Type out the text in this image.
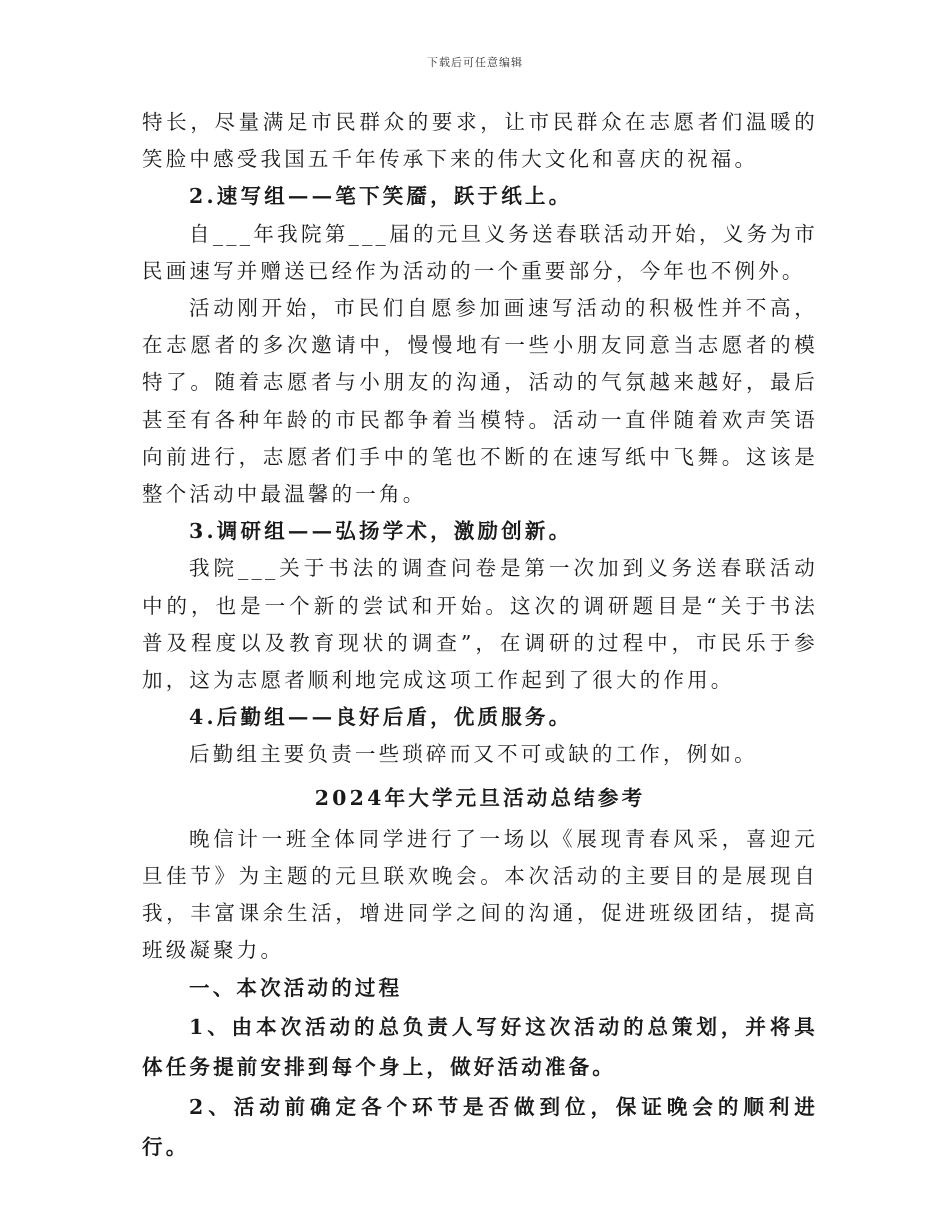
下载后可任意编辑

特长，尽量满足市民群众的要求，让市民群众在志愿者们温暖的笑脸中感受我国五千年传承下来的伟大文化和喜庆的祝福。

2.速写组——笔下笑靥，跃于纸上。

自___年我院第___届的元旦义务送春联活动开始，义务为市民画速写并赠送已经作为活动的一个重要部分，今年也不例外。

活动刚开始，市民们自愿参加画速写活动的积极性并不高，在志愿者的多次邀请中，慢慢地有一些小朋友同意当志愿者的模特了。随着志愿者与小朋友的沟通，活动的气氛越来越好，最后甚至有各种年龄的市民都争着当模特。活动一直伴随着欢声笑语向前进行，志愿者们手中的笔也不断的在速写纸中飞舞。这该是整个活动中最温馨的一角。

3.调研组——弘扬学术，激励创新。

我院___关于书法的调查问卷是第一次加到义务送春联活动中的，也是一个新的尝试和开始。这次的调研题目是“关于书法普及程度以及教育现状的调查”，在调研的过程中，市民乐于参加，这为志愿者顺利地完成这项工作起到了很大的作用。

4.后勤组——良好后盾，优质服务。

后勤组主要负责一些琐碎而又不可或缺的工作，例如。

2024年大学元旦活动总结参考

晚信计一班全体同学进行了一场以《展现青春风采，喜迎元旦佳节》为主题的元旦联欢晚会。本次活动的主要目的是展现自我，丰富课余生活，增进同学之间的沟通，促进班级团结，提高班级凝聚力。

一、本次活动的过程

1、由本次活动的总负责人写好这次活动的总策划，并将具体任务提前安排到每个身上，做好活动准备。

2、活动前确定各个环节是否做到位，保证晚会的顺利进行。
